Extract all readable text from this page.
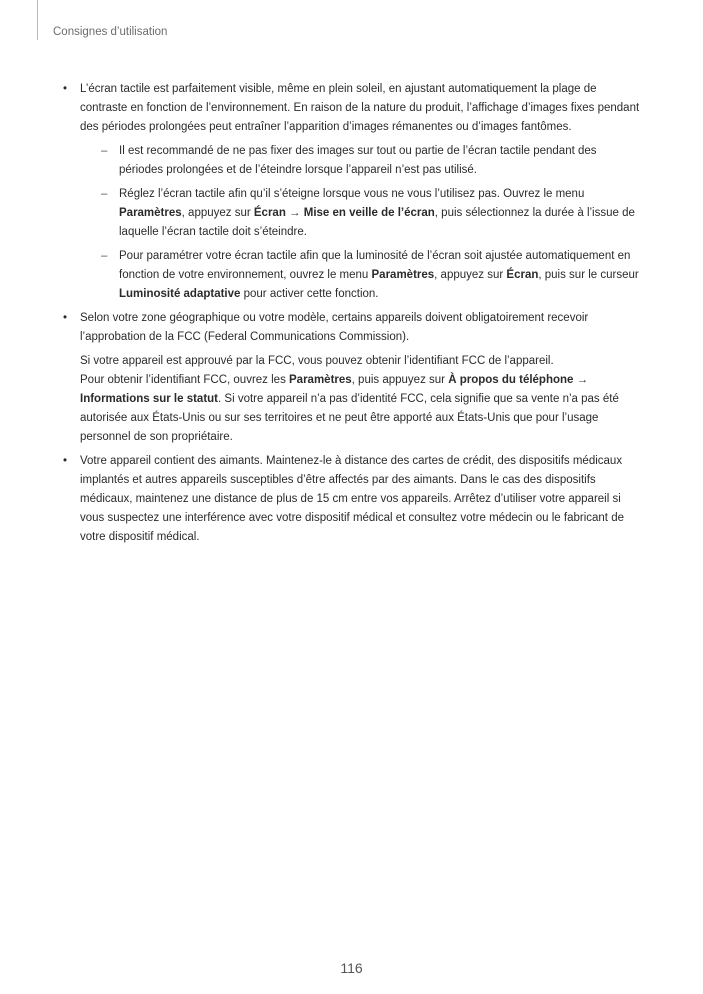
Consignes d’utilisation
• L’écran tactile est parfaitement visible, même en plein soleil, en ajustant automatiquement la plage de contraste en fonction de l’environnement. En raison de la nature du produit, l’affichage d’images fixes pendant des périodes prolongées peut entraîner l’apparition d’images rémanentes ou d’images fantômes.
– Il est recommandé de ne pas fixer des images sur tout ou partie de l’écran tactile pendant des périodes prolongées et de l’éteindre lorsque l’appareil n’est pas utilisé.
– Réglez l’écran tactile afin qu’il s’éteigne lorsque vous ne vous l’utilisez pas. Ouvrez le menu Paramètres, appuyez sur Écran → Mise en veille de l’écran, puis sélectionnez la durée à l’issue de laquelle l’écran tactile doit s’éteindre.
– Pour paramétrer votre écran tactile afin que la luminosité de l’écran soit ajustée automatiquement en fonction de votre environnement, ouvrez le menu Paramètres, appuyez sur Écran, puis sur le curseur Luminosité adaptative pour activer cette fonction.
• Selon votre zone géographique ou votre modèle, certains appareils doivent obligatoirement recevoir l’approbation de la FCC (Federal Communications Commission).
Si votre appareil est approuvé par la FCC, vous pouvez obtenir l’identifiant FCC de l’appareil.
Pour obtenir l’identifiant FCC, ouvrez les Paramètres, puis appuyez sur À propos du téléphone → Informations sur le statut. Si votre appareil n’a pas d’identité FCC, cela signifie que sa vente n’a pas été autorisée aux États-Unis ou sur ses territoires et ne peut être apporté aux États-Unis que pour l’usage personnel de son propriétaire.
• Votre appareil contient des aimants. Maintenez-le à distance des cartes de crédit, des dispositifs médicaux implantés et autres appareils susceptibles d’être affectés par des aimants. Dans le cas des dispositifs médicaux, maintenez une distance de plus de 15 cm entre vos appareils. Arrêtez d’utiliser votre appareil si vous suspectez une interférence avec votre dispositif médical et consultez votre médecin ou le fabricant de votre dispositif médical.
116
